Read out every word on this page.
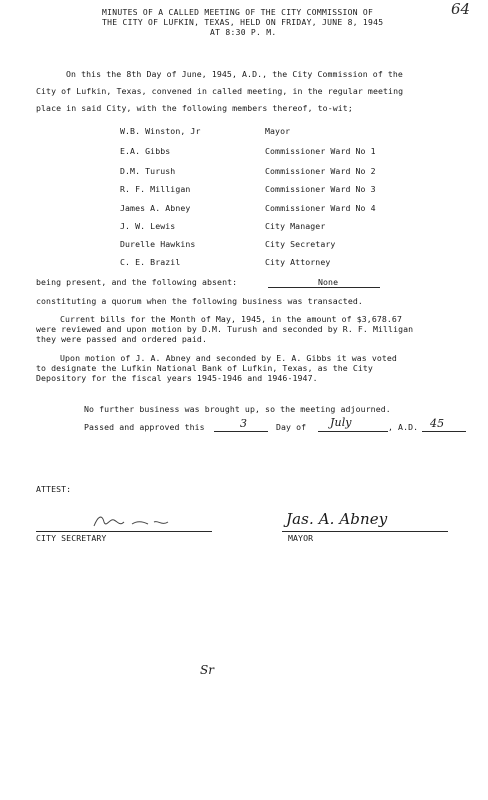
64
MINUTES OF A CALLED MEETING OF THE CITY COMMISSION OF
THE CITY OF LUFKIN, TEXAS, HELD ON FRIDAY, JUNE 8, 1945
AT 8:30 P. M.
On this the 8th Day of June, 1945, A.D., the City Commission of the
City of Lufkin, Texas, convened in called meeting, in the regular meeting
place in said City, with the following members thereof, to-wit;
W.B. Winston, Jr	Mayor
E.A. Gibbs	Commissioner Ward No 1
D.M. Turush	Commissioner Ward No 2
R. F. Milligan	Commissioner Ward No 3
James A. Abney	Commissioner Ward No 4
J. W. Lewis	City Manager
Durelle Hawkins	City Secretary
C. E. Brazil	City Attorney
being present, and the following absent:	None
constituting a quorum when the following business was transacted.
Current bills for the Month of May, 1945, in the amount of $3,678.67
were reviewed and upon motion by D.M. Turush and seconded by R. F. Milligan
they were passed and ordered paid.
Upon motion of J. A. Abney and seconded by E. A. Gibbs it was voted
to designate the Lufkin National Bank of Lufkin, Texas, as the City
Depository for the fiscal years 1945-1946 and 1946-1947.
No further business was brought up, so the meeting adjourned.
Passed and approved this	3	Day of July	, A.D. 45
ATTEST:
CITY SECRETARY
Jas. A. Abney
MAYOR
Sr
